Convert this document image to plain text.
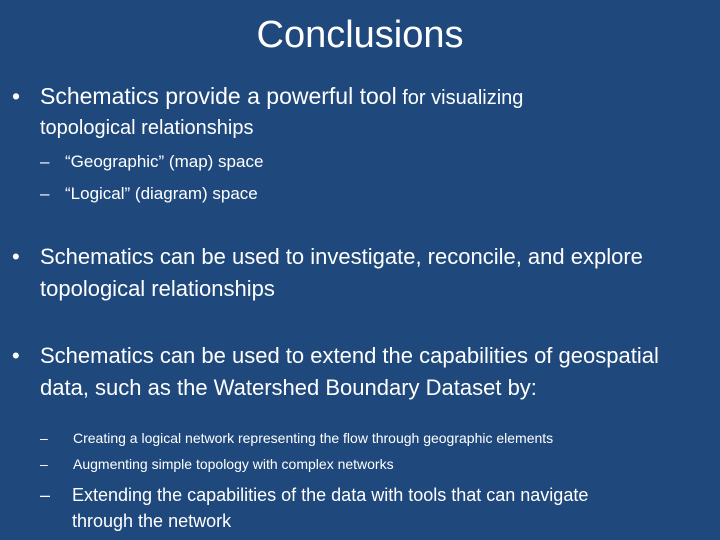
Conclusions
• Schematics provide a powerful tool for visualizing
topological relationships
– “Geographic” (map) space
– “Logical” (diagram) space
• Schematics can be used to investigate, reconcile, and explore
topological relationships
• Schematics can be used to extend the capabilities of geospatial
data, such as the Watershed Boundary Dataset by:
– Creating a logical network representing the flow through geographic elements
– Augmenting simple topology with complex networks
– Extending the capabilities of the data with tools that can navigate
through the network
